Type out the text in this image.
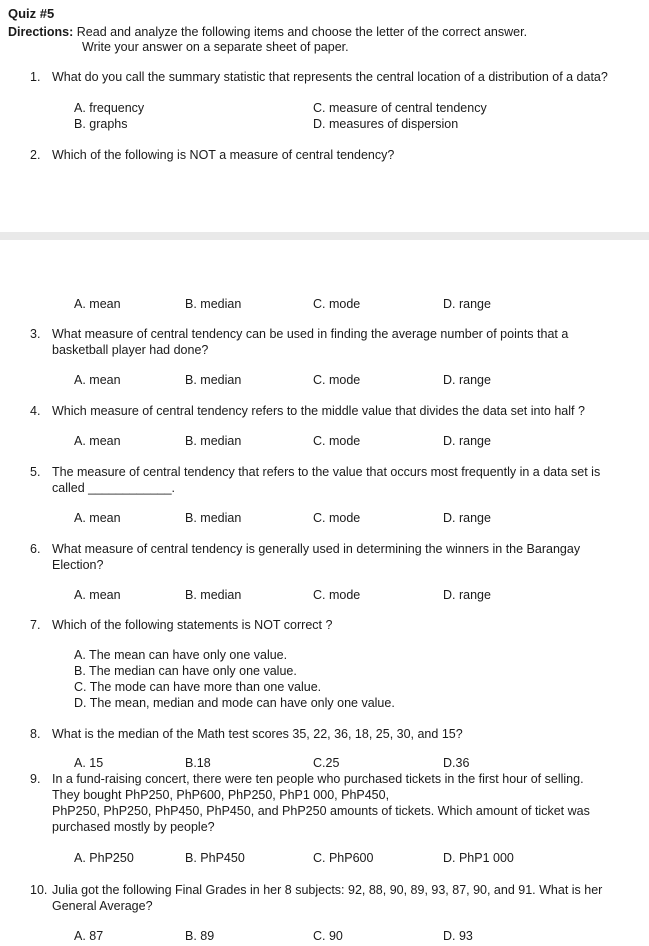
Quiz #5
Directions: Read and analyze the following items and choose the letter of the correct answer.
Write your answer on a separate sheet of paper.
1. What do you call the summary statistic that represents the central location of a distribution of a data?
A. frequency
B. graphs
C. measure of central tendency
D. measures of dispersion
2. Which of the following is NOT a measure of central tendency?
A. mean	B. median	C. mode	D. range
3. What measure of central tendency can be used in finding the average number of points that a
basketball player had done?
A. mean	B. median	C. mode	D. range
4. Which measure of central tendency refers to the middle value that divides the data set into half ?
A. mean	B. median	C. mode	D. range
5. The measure of central tendency that refers to the value that occurs most frequently in a data set is
called ____________.
A. mean	B. median	C. mode	D. range
6. What measure of central tendency is generally used in determining the winners in the Barangay
Election?
A. mean	B. median	C. mode	D. range
7. Which of the following statements is NOT correct ?
A. The mean can have only one value.
B. The median can have only one value.
C. The mode can have more than one value.
D. The mean, median and mode can have only one value.
8. What is the median of the Math test scores 35, 22, 36, 18, 25, 30, and 15?
A. 15	B.18	C.25	D.36
9. In a fund-raising concert, there were ten people who purchased tickets in the first hour of selling.
They bought PhP250, PhP600, PhP250, PhP1 000, PhP450,
PhP250, PhP250, PhP450, PhP450, and PhP250 amounts of tickets. Which amount of ticket was
purchased mostly by people?
A. PhP250	B. PhP450	C. PhP600	D. PhP1 000
10. Julia got the following Final Grades in her 8 subjects: 92, 88, 90, 89, 93, 87, 90, and 91. What is her
General Average?
A. 87	B. 89	C. 90	D. 93
